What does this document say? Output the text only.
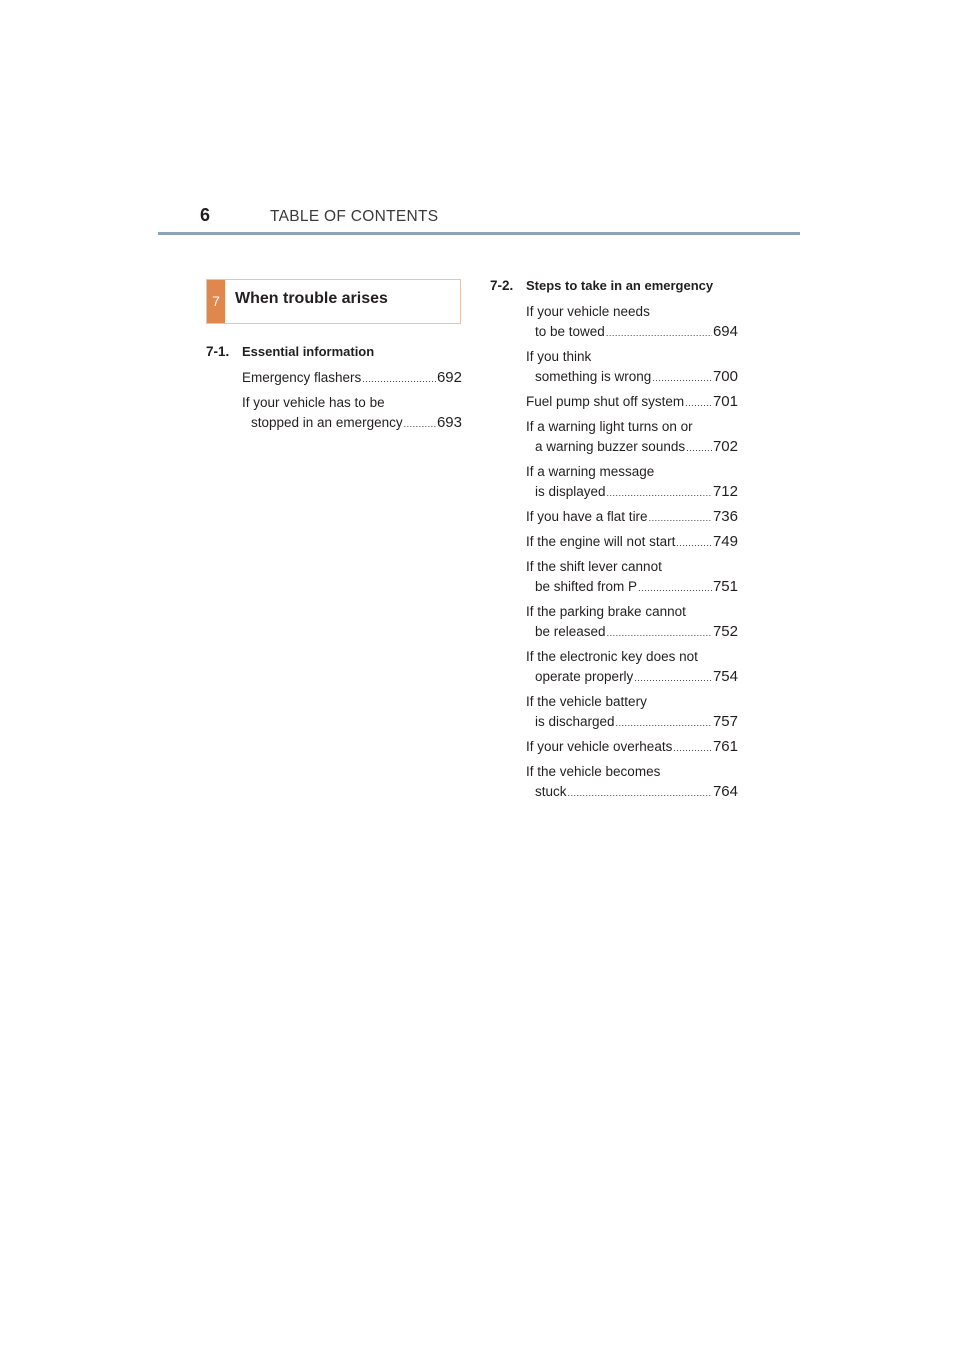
6	TABLE OF CONTENTS
7 When trouble arises
7-1. Essential information
Emergency flashers .....	692
If your vehicle has to be
stopped in an emergency ..... 693
7-2. Steps to take in an emergency
If your vehicle needs
to be towed .....	694
If you think
something is wrong .....	700
Fuel pump shut off system ..... 701
If a warning light turns on or
a warning buzzer sounds ..... 702
If a warning message
is displayed .....	712
If you have a flat tire .....	736
If the engine will not start .....	749
If the shift lever cannot
be shifted from P .....	751
If the parking brake cannot
be released .....	752
If the electronic key does not
operate properly .....	754
If the vehicle battery
is discharged .....	757
If your vehicle overheats .....	761
If the vehicle becomes
stuck .....	764
